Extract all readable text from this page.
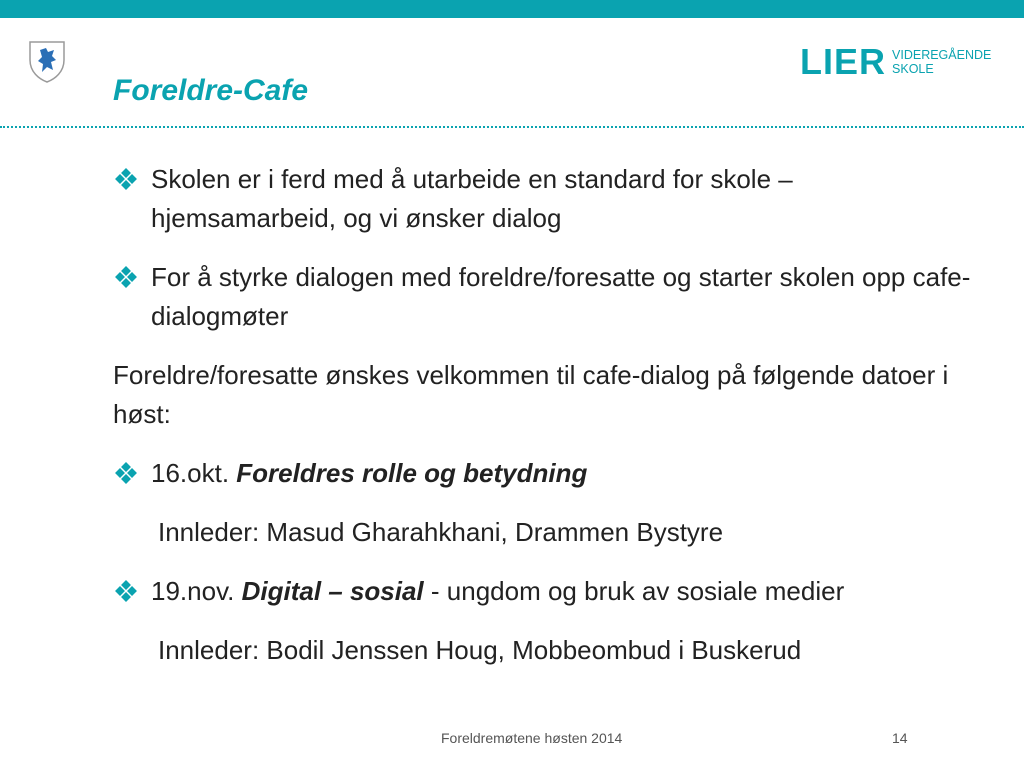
LIER VIDEREGÅENDE
SKOLE
Foreldre-Cafe
Skolen er i ferd med å utarbeide en standard for skole – hjemsamarbeid, og vi ønsker dialog
For å styrke dialogen med foreldre/foresatte og starter skolen opp cafe-dialogmøter

Foreldre/foresatte ønskes velkommen til cafe-dialog på følgende datoer i høst:

16.okt. Foreldres rolle og betydning
Innleder: Masud Gharahkhani, Drammen Bystyre
19.nov. Digital – sosial - ungdom og bruk av sosiale medier
Innleder: Bodil Jenssen Houg, Mobbeombud i Buskerud
Foreldremøtene høsten 2014	14
